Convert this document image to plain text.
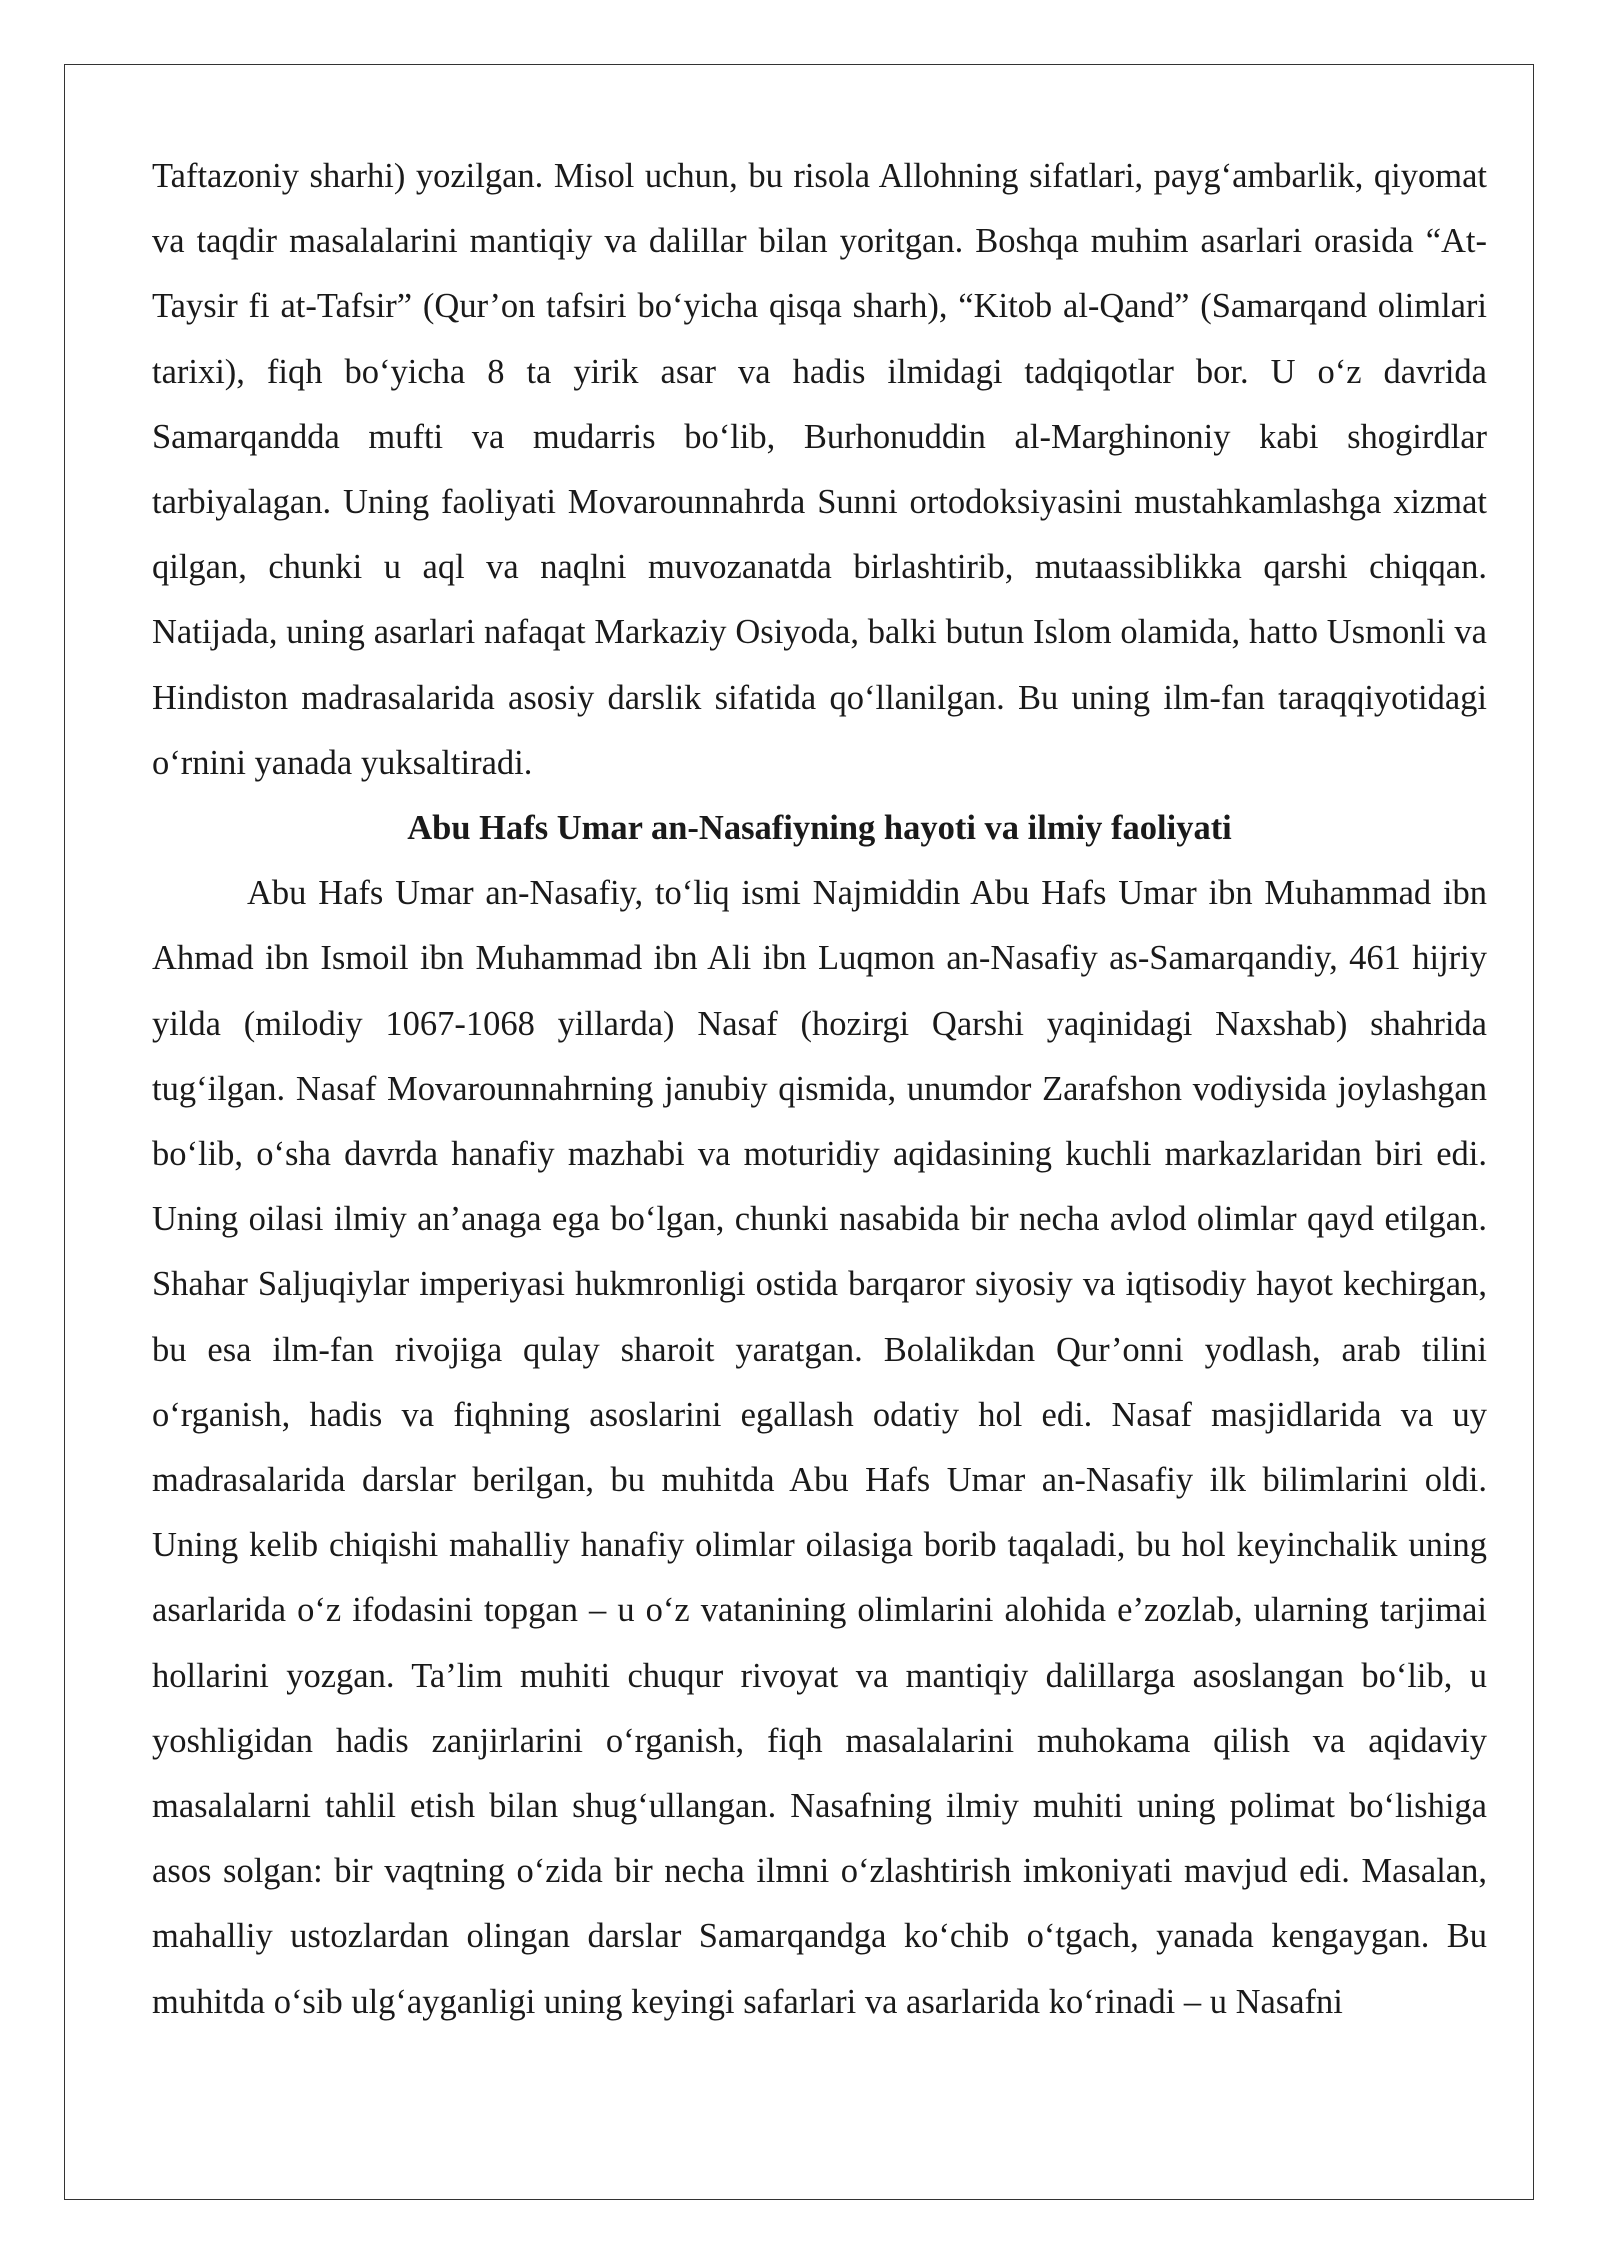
Taftazoniy sharhi) yozilgan. Misol uchun, bu risola Allohning sifatlari, payg‘ambarlik, qiyomat va taqdir masalalarini mantiqiy va dalillar bilan yoritgan. Boshqa muhim asarlari orasida “At-Taysir fi at-Tafsir” (Qur’on tafsiri bo‘yicha qisqa sharh), “Kitob al-Qand” (Samarqand olimlari tarixi), fiqh bo‘yicha 8 ta yirik asar va hadis ilmidagi tadqiqotlar bor. U o‘z davrida Samarqandda mufti va mudarris bo‘lib, Burhonuddin al-Marghinoniy kabi shogirdlar tarbiyalagan. Uning faoliyati Movarounnahrda Sunni ortodoksiyasini mustahkamlashga xizmat qilgan, chunki u aql va naqlni muvozanatda birlashtirib, mutaassiblikka qarshi chiqqan. Natijada, uning asarlari nafaqat Markaziy Osiyoda, balki butun Islom olamida, hatto Usmonli va Hindiston madrasalarida asosiy darslik sifatida qo‘llanilgan. Bu uning ilm-fan taraqqiyotidagi o‘rnini yanada yuksaltiradi.

Abu Hafs Umar an-Nasafiyning hayoti va ilmiy faoliyati

Abu Hafs Umar an-Nasafiy, to‘liq ismi Najmiddin Abu Hafs Umar ibn Muhammad ibn Ahmad ibn Ismoil ibn Muhammad ibn Ali ibn Luqmon an-Nasafiy as-Samarqandiy, 461 hijriy yilda (milodiy 1067-1068 yillarda) Nasaf (hozirgi Qarshi yaqinidagi Naxshab) shahrida tug‘ilgan. Nasaf Movarounnahrning janubiy qismida, unumdor Zarafshon vodiysida joylashgan bo‘lib, o‘sha davrda hanafiy mazhabi va moturidiy aqidasining kuchli markazlaridan biri edi. Uning oilasi ilmiy an’anaga ega bo‘lgan, chunki nasabida bir necha avlod olimlar qayd etilgan. Shahar Saljuqiylar imperiyasi hukmronligi ostida barqaror siyosiy va iqtisodiy hayot kechirgan, bu esa ilm-fan rivojiga qulay sharoit yaratgan. Bolalikdan Qur’onni yodlash, arab tilini o‘rganish, hadis va fiqhning asoslarini egallash odatiy hol edi. Nasaf masjidlarida va uy madrasalarida darslar berilgan, bu muhitda Abu Hafs Umar an-Nasafiy ilk bilimlarini oldi. Uning kelib chiqishi mahalliy hanafiy olimlar oilasiga borib taqaladi, bu hol keyinchalik uning asarlarida o‘z ifodasini topgan – u o‘z vatanining olimlarini alohida e’zozlab, ularning tarjimai hollarini yozgan. Ta’lim muhiti chuqur rivoyat va mantiqiy dalillarga asoslangan bo‘lib, u yoshligidan hadis zanjirlarini o‘rganish, fiqh masalalarini muhokama qilish va aqidaviy masalalarni tahlil etish bilan shug‘ullangan. Nasafning ilmiy muhiti uning polimat bo‘lishiga asos solgan: bir vaqtning o‘zida bir necha ilmni o‘zlashtirish imkoniyati mavjud edi. Masalan, mahalliy ustozlardan olingan darslar Samarqandga ko‘chib o‘tgach, yanada kengaygan. Bu muhitda o‘sib ulg‘ayganligi uning keyingi safarlari va asarlarida ko‘rinadi – u Nasafni
